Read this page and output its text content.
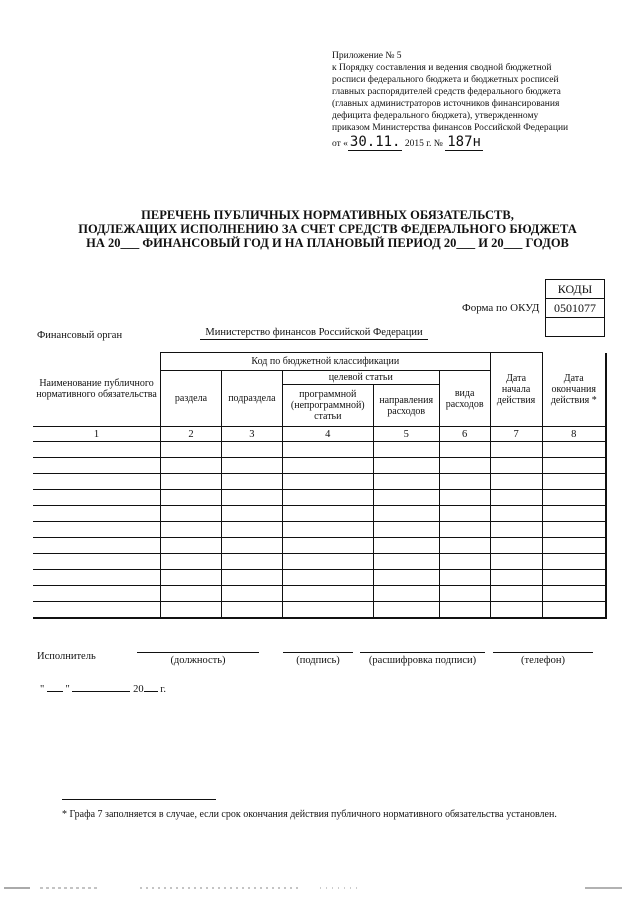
Приложение № 5
к Порядку составления и ведения сводной бюджетной
росписи федерального бюджета и бюджетных росписей
главных распорядителей средств федерального бюджета
(главных администраторов источников финансирования
дефицита федерального бюджета), утвержденному
приказом Министерства финансов Российской Федерации
от « 30.11. 2015 г. № 187н
ПЕРЕЧЕНЬ ПУБЛИЧНЫХ НОРМАТИВНЫХ ОБЯЗАТЕЛЬСТВ,
ПОДЛЕЖАЩИХ ИСПОЛНЕНИЮ ЗА СЧЕТ СРЕДСТВ ФЕДЕРАЛЬНОГО БЮДЖЕТА
НА 20___ ФИНАНСОВЫЙ ГОД И НА ПЛАНОВЫЙ ПЕРИОД 20___ И 20___ ГОДОВ
КОДЫ
0501077
Форма по ОКУД
Финансовый орган	Министерство финансов Российской Федерации
Наименование публичного нормативного обязательства	Код по бюджетной классификации					Дата начала действия	Дата окончания действия *
	раздела	подраздела	целевой статьи		вида расходов		
			программной (непрограммной) статьи	направления расходов			
1	2	3	4	5	6	7	8

Исполнитель	(должность)	(подпись)	(расшифровка подписи)	(телефон)
" "	20 г.
* Графа 7 заполняется в случае, если срок окончания действия публичного нормативного обязательства установлен.
